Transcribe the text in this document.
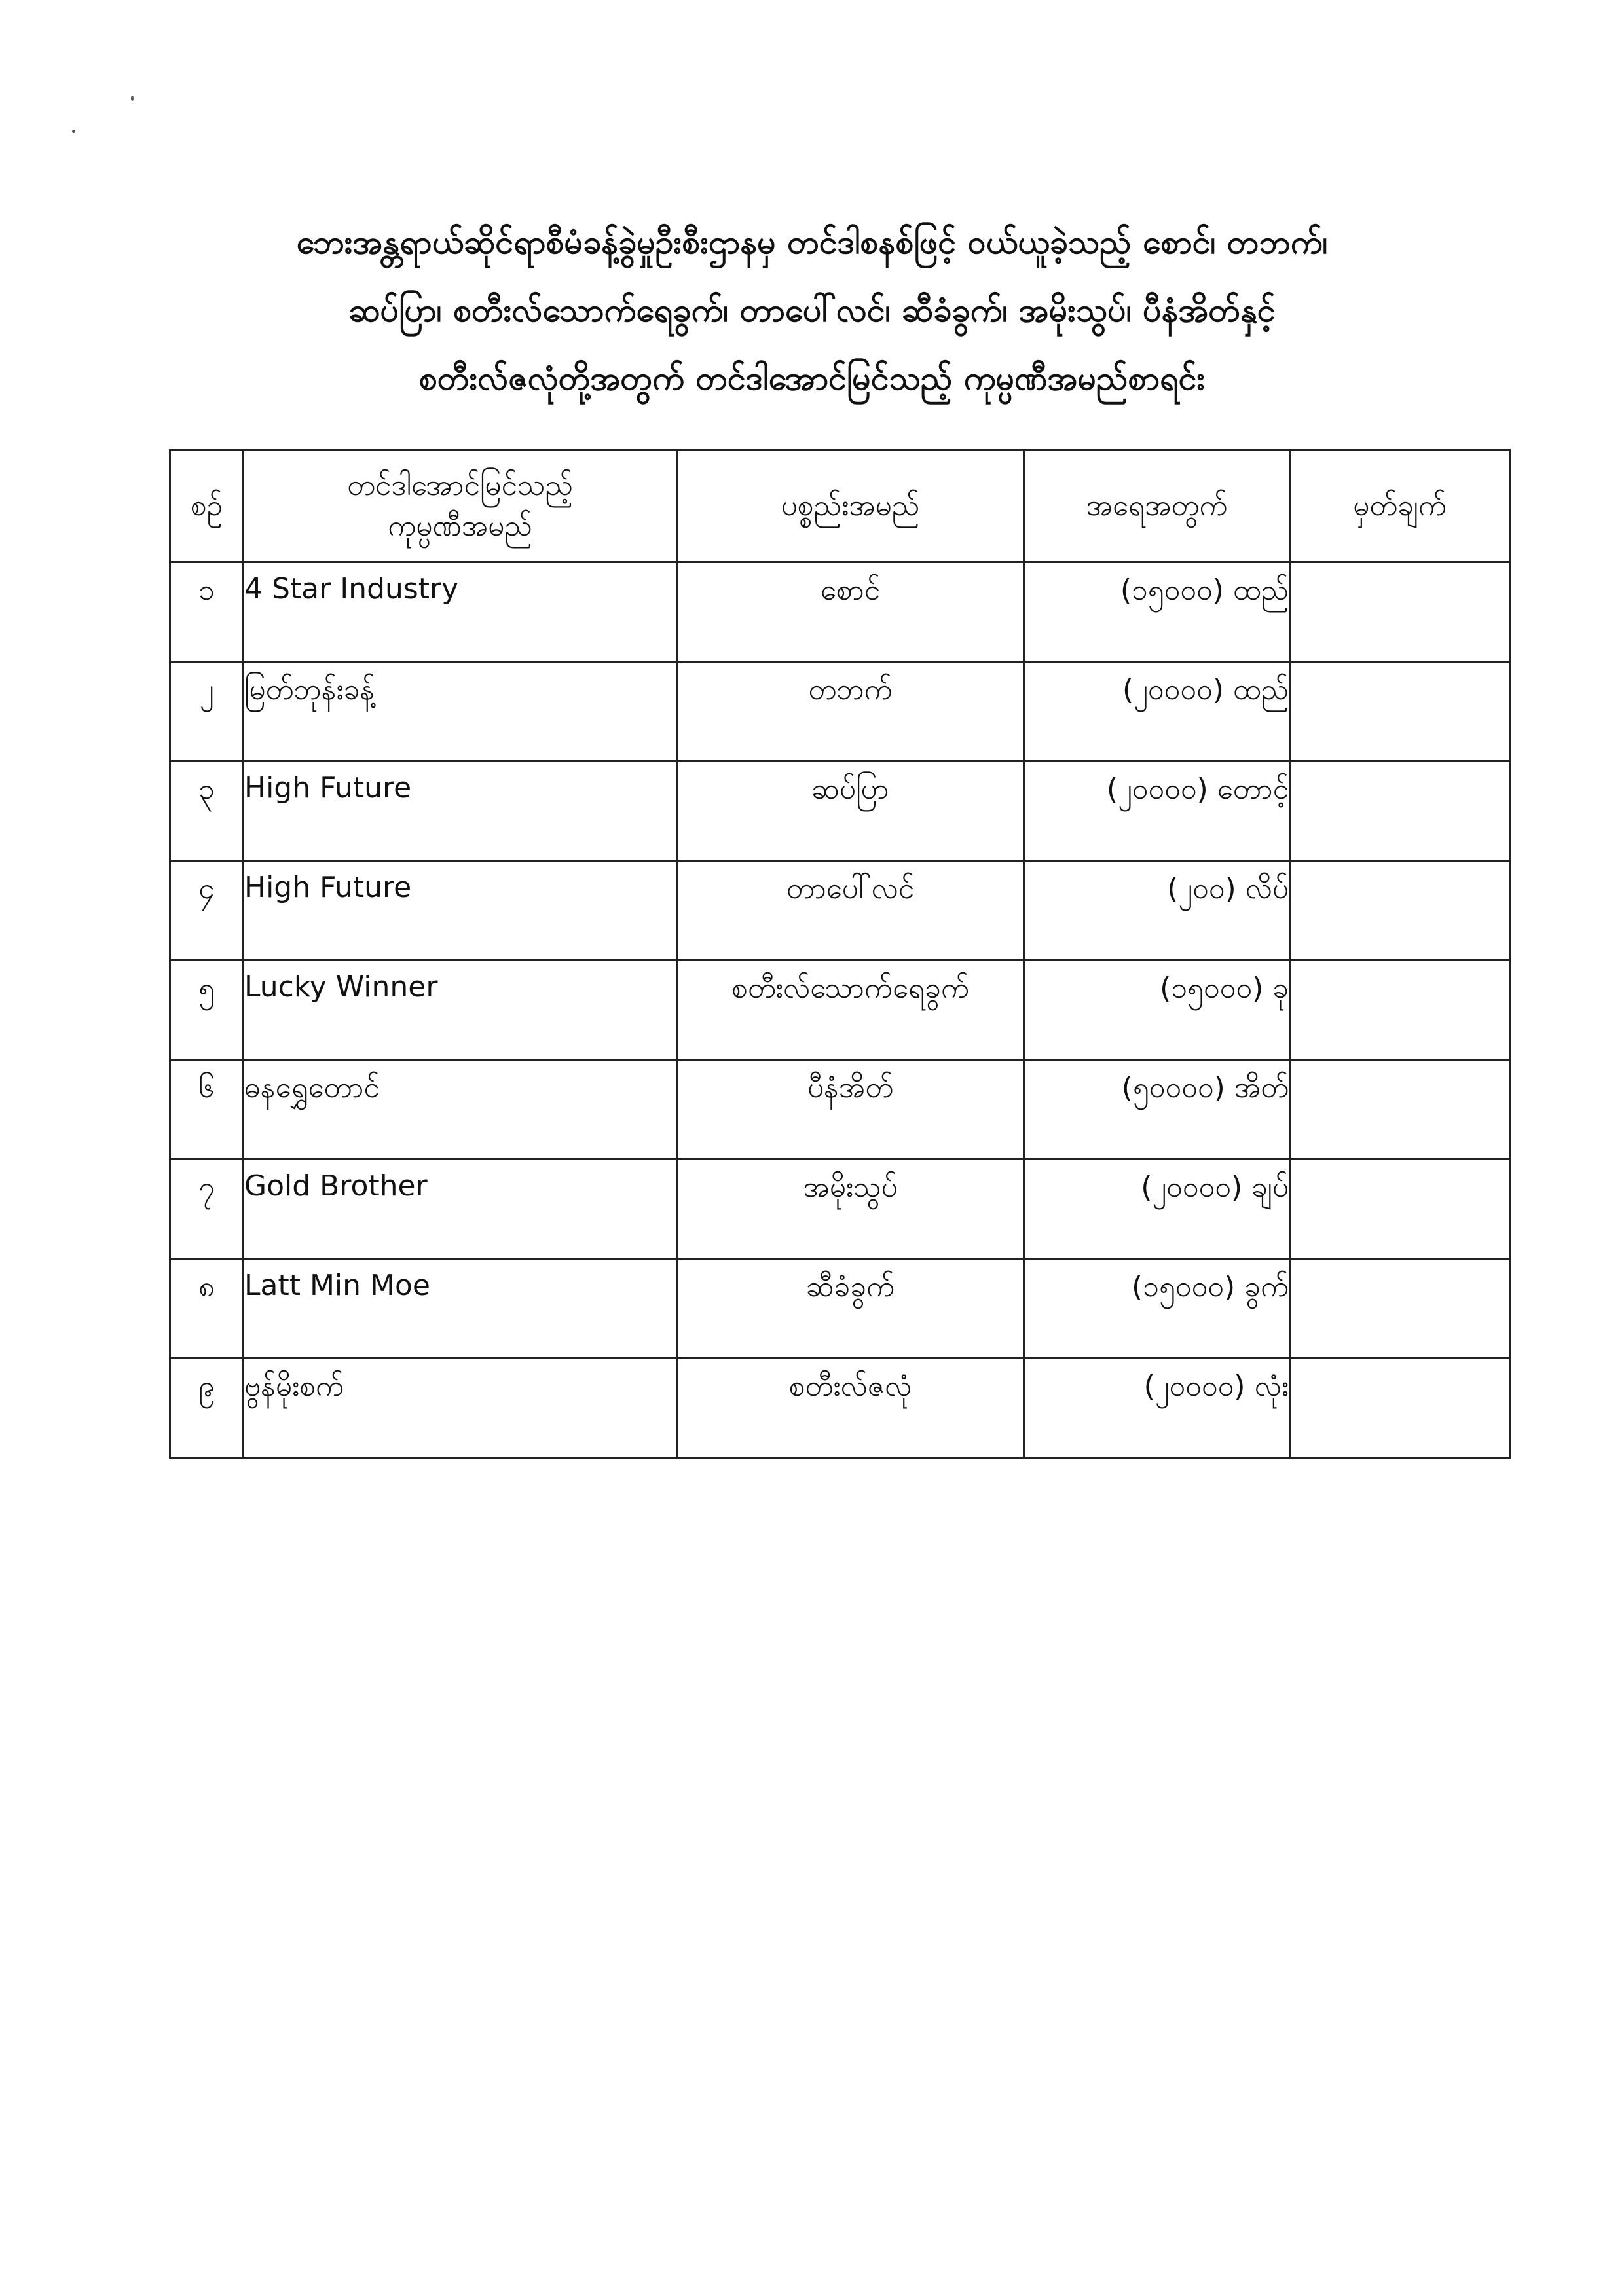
ဘေးအန္တရာယ်ဆိုင်ရာစီမံခန့်ခွဲမှုဦးစီးဌာနမှ တင်ဒါစနစ်ဖြင့် ဝယ်ယူခဲ့သည့် စောင်၊ တဘက်၊
ဆပ်ပြာ၊ စတီးလ်သောက်ရေခွက်၊ တာပေါ်လင်၊ ဆီခံခွက်၊ အမိုးသွပ်၊ ပီနံအိတ်နှင့်
စတီးလ်ဇလုံတို့အတွက် တင်ဒါအောင်မြင်သည့် ကုမ္ပဏီအမည်စာရင်း
စဉ်	တင်ဒါအောင်မြင်သည့်
ကုမ္ပဏီအမည်	ပစ္စည်းအမည်	အရေအတွက်	မှတ်ချက်
၁	4 Star Industry	စောင်	(၁၅၀၀၀) ထည်	
၂	မြတ်ဘုန်းခန့်	တဘက်	(၂၀၀၀၀) ထည်	
၃	High Future	ဆပ်ပြာ	(၂၀၀၀၀) တောင့်	
၄	High Future	တာပေါ်လင်	(၂၀၀) လိပ်	
၅	Lucky Winner	စတီးလ်သောက်ရေခွက်	(၁၅၀၀၀) ခု	
၆	ဓနရွှေတောင်	ပီနံအိတ်	(၅၀၀၀၀) အိတ်	
၇	Gold Brother	အမိုးသွပ်	(၂၀၀၀၀) ချပ်	
၈	Latt Min Moe	ဆီခံခွက်	(၁၅၀၀၀) ခွက်	
၉	ဗွန်မိုးစက်	စတီးလ်ဇလုံ	(၂၀၀၀၀) လုံး	
